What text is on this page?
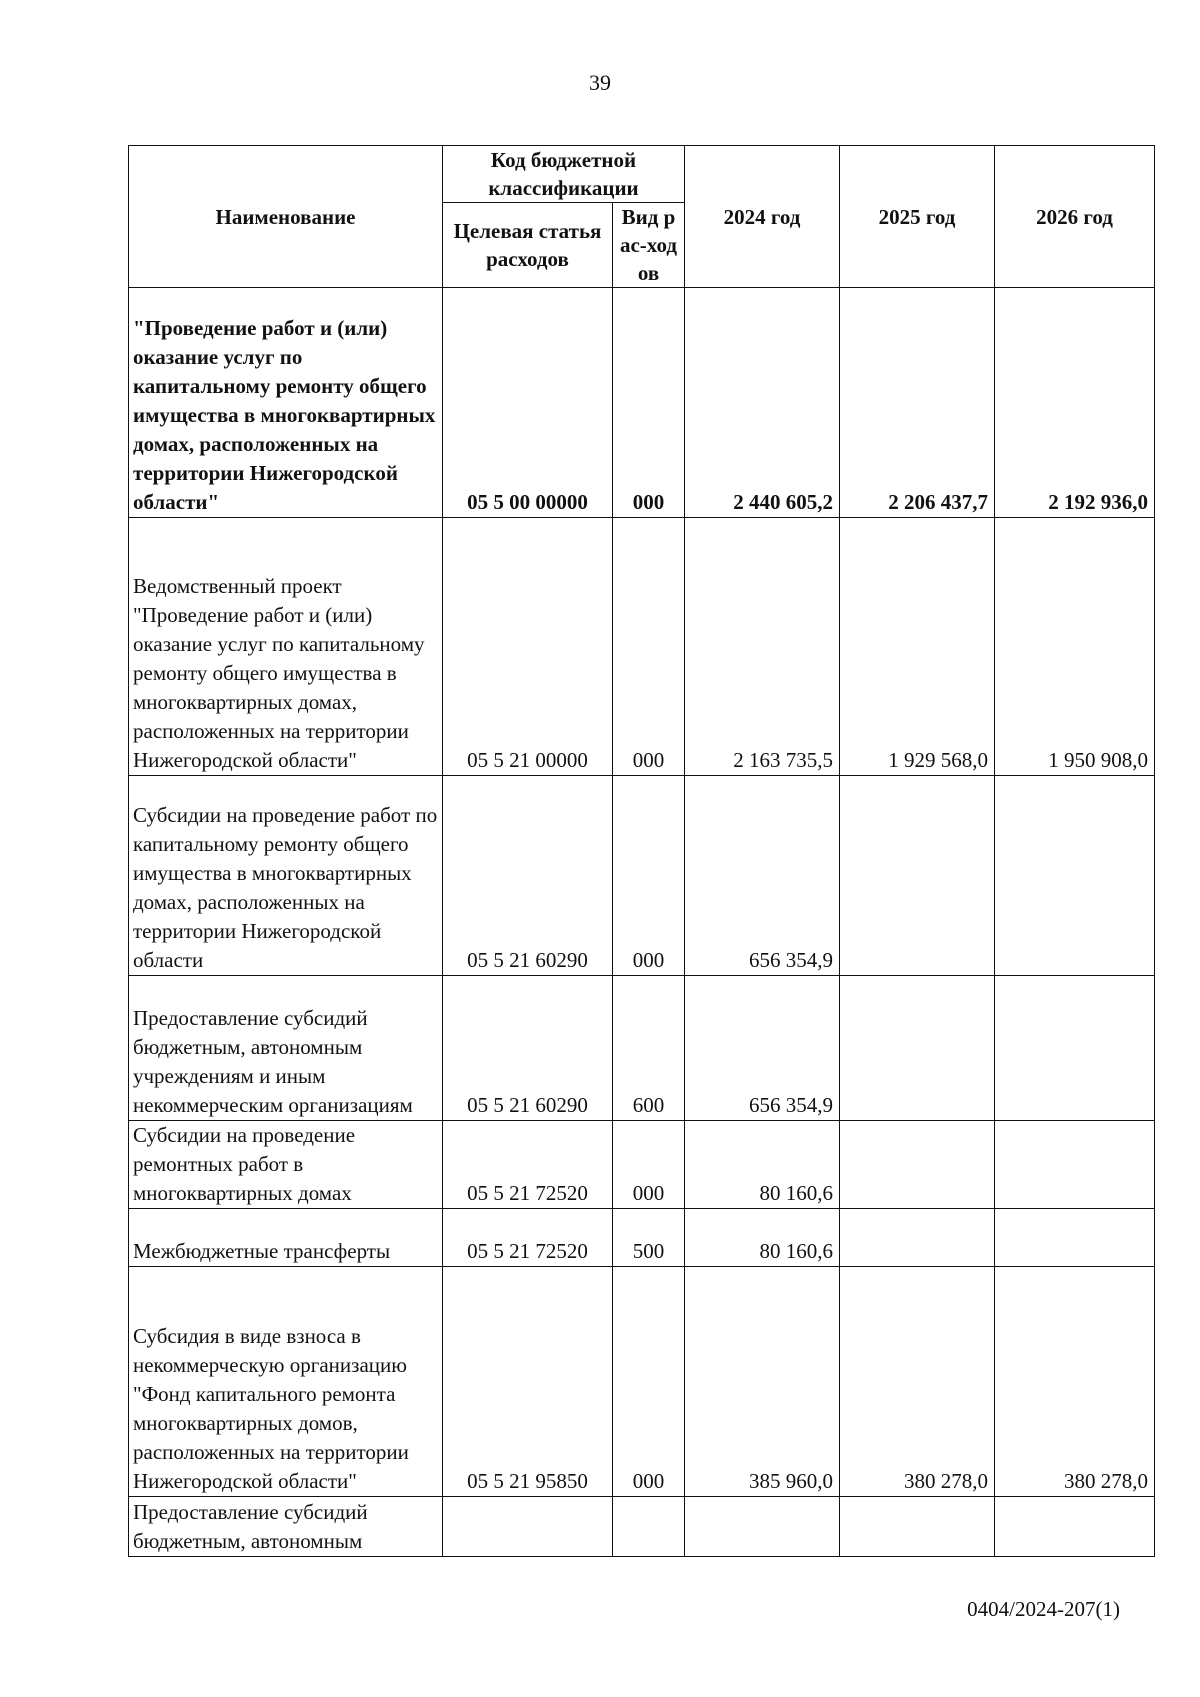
39
Наименование	Код бюджетной классификации		2024 год	2025 год	2026 год
	Целевая статья расходов	Вид рас-ходов			
"Проведение работ и (или) оказание услуг по капитальному ремонту общего имущества в многоквартирных домах, расположенных на территории Нижегородской области"	05 5 00 00000	000	2 440 605,2	2 206 437,7	2 192 936,0
Ведомственный проект "Проведение работ и (или) оказание услуг по капитальному ремонту общего имущества в многоквартирных домах, расположенных на территории Нижегородской области"	05 5 21 00000	000	2 163 735,5	1 929 568,0	1 950 908,0
Субсидии на проведение работ по капитальному ремонту общего имущества в многоквартирных домах, расположенных на территории Нижегородской области	05 5 21 60290	000	656 354,9		
Предоставление субсидий бюджетным, автономным учреждениям и иным некоммерческим организациям	05 5 21 60290	600	656 354,9		
Субсидии на проведение ремонтных работ в многоквартирных домах	05 5 21 72520	000	80 160,6		
Межбюджетные трансферты	05 5 21 72520	500	80 160,6		
Субсидия в виде взноса в некоммерческую организацию "Фонд капитального ремонта многоквартирных домов, расположенных на территории Нижегородской области"	05 5 21 95850	000	385 960,0	380 278,0	380 278,0
Предоставление субсидий бюджетным, автономным					
0404/2024-207(1)
